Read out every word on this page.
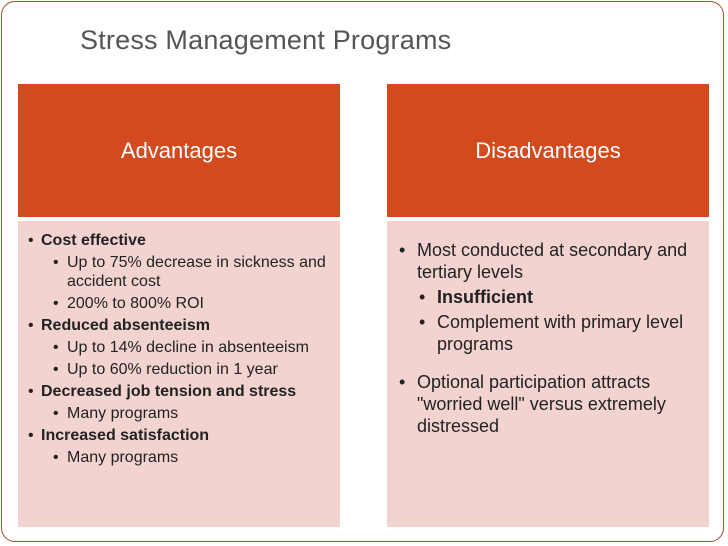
Stress Management Programs
Advantages	Disadvantages
• Cost effective
• Up to 75% decrease in sickness and accident cost
• 200% to 800% ROI
• Reduced absenteeism
• Up to 14% decline in absenteeism
• Up to 60% reduction in 1 year
• Decreased job tension and stress
• Many programs
• Increased satisfaction
• Many programs
• Most conducted at secondary and tertiary levels
• Insufficient
• Complement with primary level programs
• Optional participation attracts "worried well" versus extremely distressed
